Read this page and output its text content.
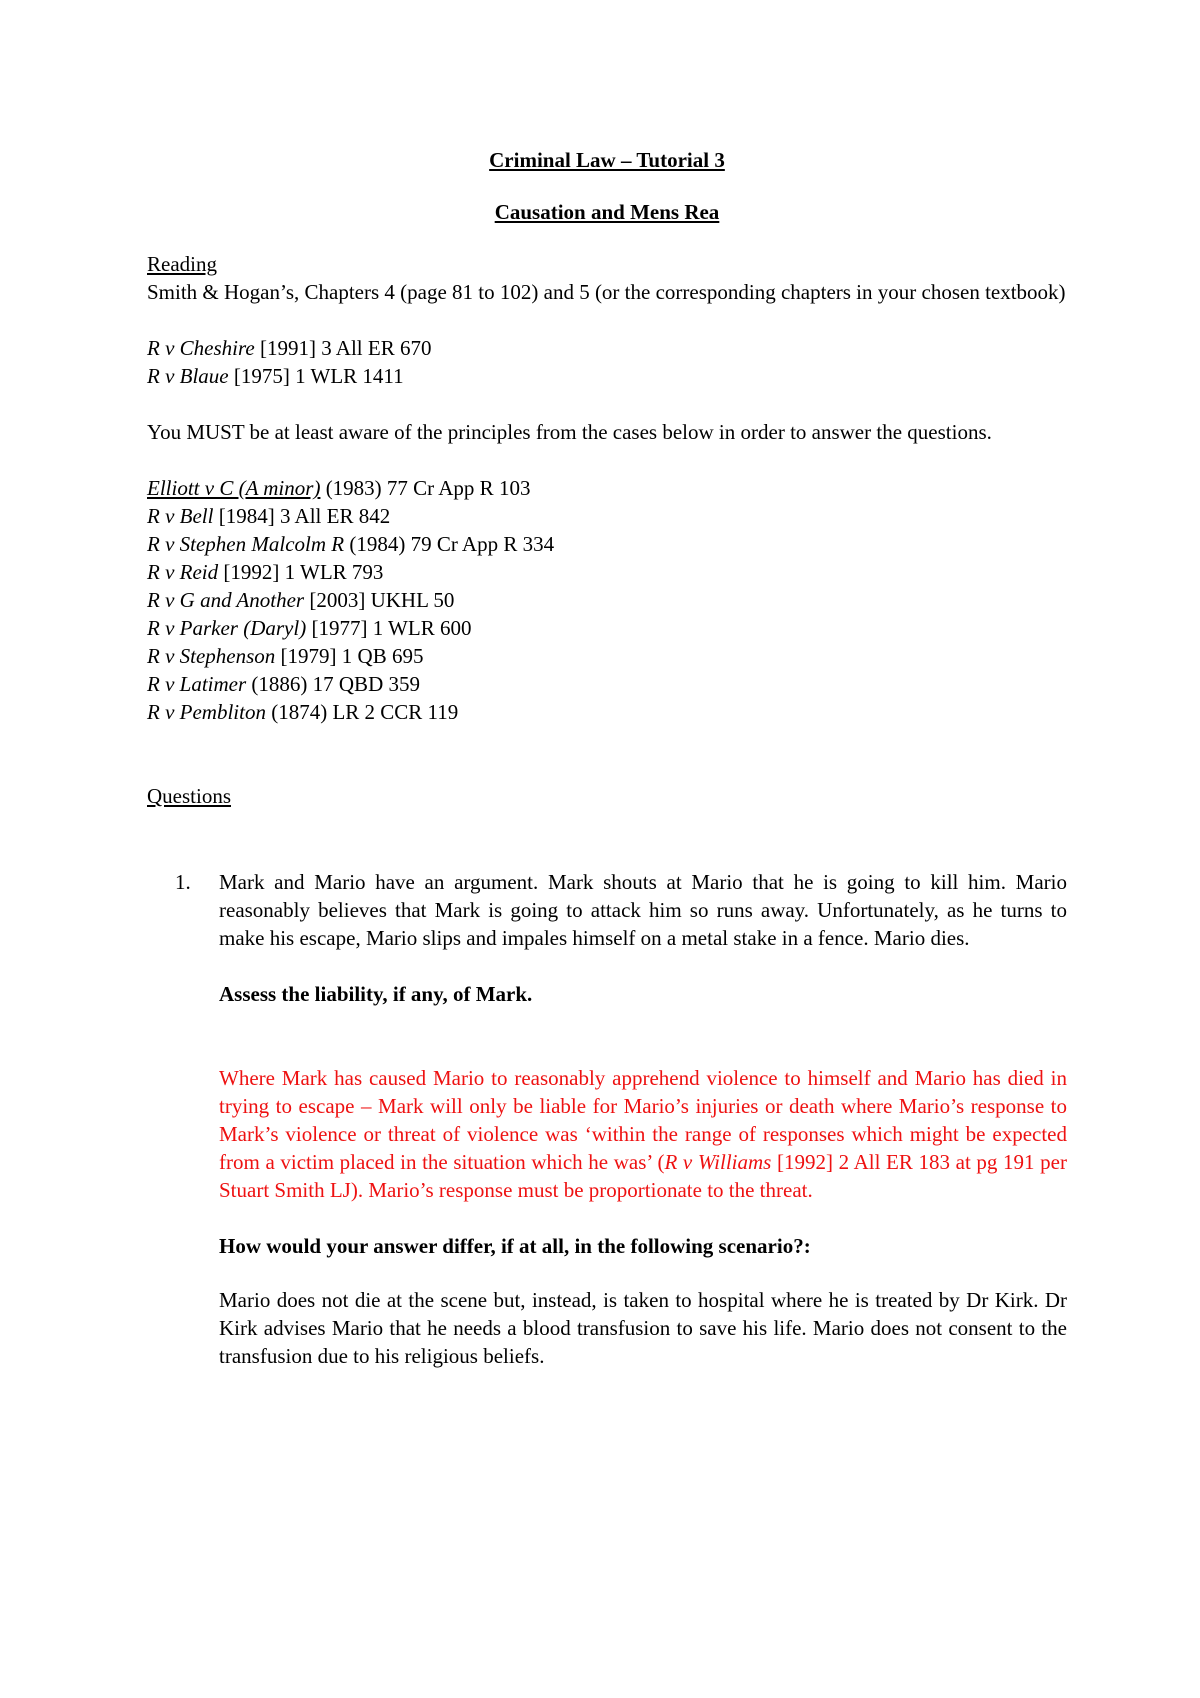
Criminal Law – Tutorial 3

Causation and Mens Rea

Reading

Smith & Hogan’s, Chapters 4 (page 81 to 102) and 5 (or the corresponding chapters in your chosen textbook)

R v Cheshire [1991] 3 All ER 670
R v Blaue [1975] 1 WLR 1411

You MUST be at least aware of the principles from the cases below in order to answer the questions.

Elliott v C (A minor) (1983) 77 Cr App R 103
R v Bell [1984] 3 All ER 842
R v Stephen Malcolm R (1984) 79 Cr App R 334
R v Reid [1992] 1 WLR 793
R v G and Another [2003] UKHL 50
R v Parker (Daryl) [1977] 1 WLR 600
R v Stephenson [1979] 1 QB 695
R v Latimer (1886) 17 QBD 359
R v Pembliton (1874) LR 2 CCR 119

Questions

1. Mark and Mario have an argument. Mark shouts at Mario that he is going to kill him. Mario reasonably believes that Mark is going to attack him so runs away. Unfortunately, as he turns to make his escape, Mario slips and impales himself on a metal stake in a fence. Mario dies.

Assess the liability, if any, of Mark.

Where Mark has caused Mario to reasonably apprehend violence to himself and Mario has died in trying to escape – Mark will only be liable for Mario’s injuries or death where Mario’s response to Mark’s violence or threat of violence was ‘within the range of responses which might be expected from a victim placed in the situation which he was’ (R v Williams [1992] 2 All ER 183 at pg 191 per Stuart Smith LJ). Mario’s response must be proportionate to the threat.

How would your answer differ, if at all, in the following scenario?:

Mario does not die at the scene but, instead, is taken to hospital where he is treated by Dr Kirk. Dr Kirk advises Mario that he needs a blood transfusion to save his life. Mario does not consent to the transfusion due to his religious beliefs.
